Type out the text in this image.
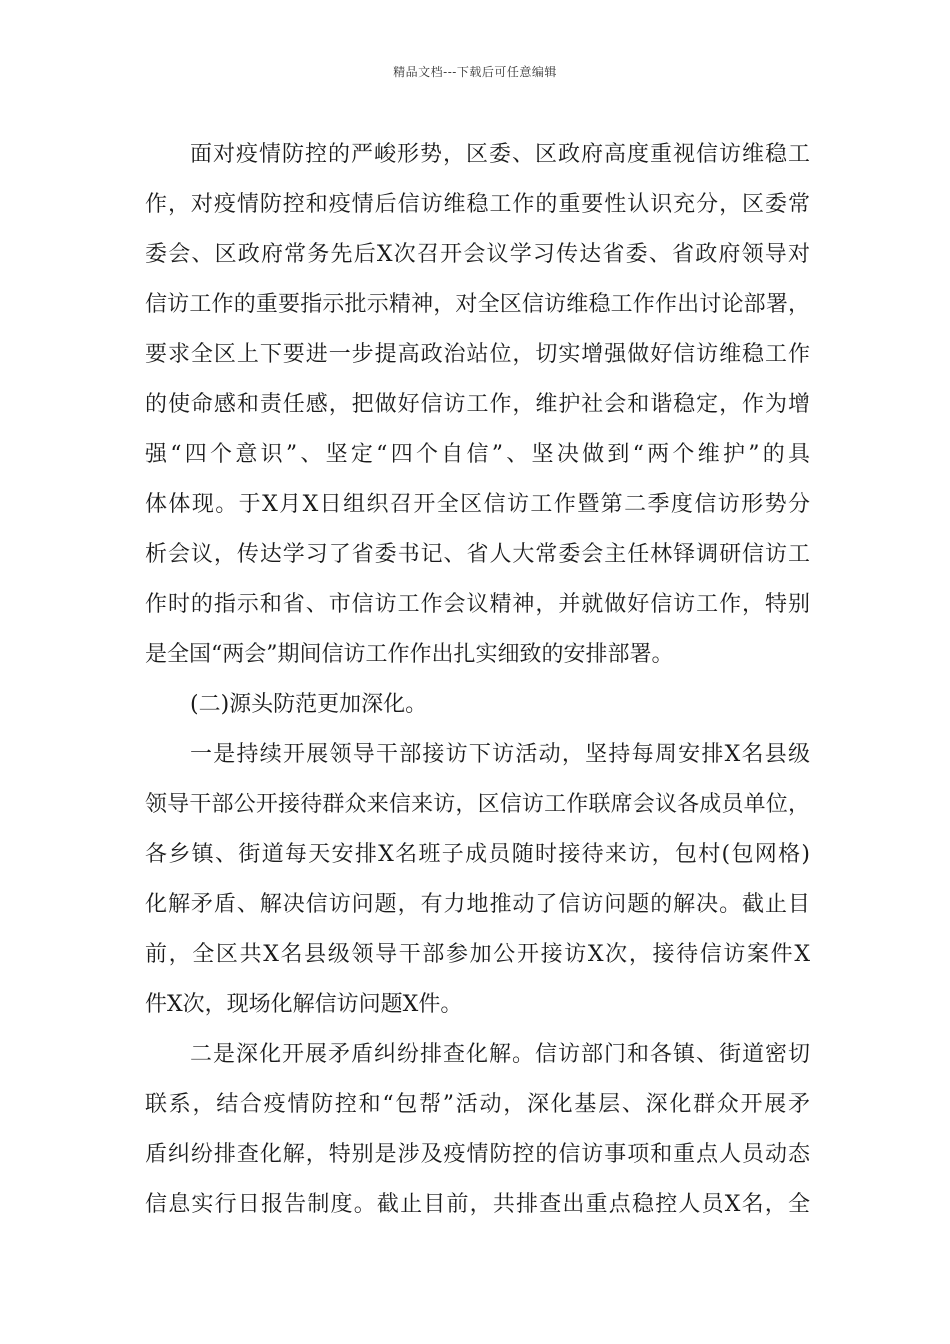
精品文档---下载后可任意编辑
面对疫情防控的严峻形势，区委、区政府高度重视信访维稳工
作，对疫情防控和疫情后信访维稳工作的重要性认识充分，区委常
委会、区政府常务先后X次召开会议学习传达省委、省政府领导对
信访工作的重要指示批示精神，对全区信访维稳工作作出讨论部署，
要求全区上下要进一步提高政治站位，切实增强做好信访维稳工作
的使命感和责任感，把做好信访工作，维护社会和谐稳定，作为增
强“四个意识”、坚定“四个自信”、坚决做到“两个维护”的具
体体现。于X月X日组织召开全区信访工作暨第二季度信访形势分
析会议，传达学习了省委书记、省人大常委会主任林铎调研信访工
作时的指示和省、市信访工作会议精神，并就做好信访工作，特别
是全国“两会”期间信访工作作出扎实细致的安排部署。
(二)源头防范更加深化。
一是持续开展领导干部接访下访活动，坚持每周安排X名县级
领导干部公开接待群众来信来访，区信访工作联席会议各成员单位，
各乡镇、街道每天安排X名班子成员随时接待来访，包村(包网格)
化解矛盾、解决信访问题，有力地推动了信访问题的解决。截止目
前，全区共X名县级领导干部参加公开接访X次，接待信访案件X
件X次，现场化解信访问题X件。
二是深化开展矛盾纠纷排查化解。信访部门和各镇、街道密切
联系，结合疫情防控和“包帮”活动，深化基层、深化群众开展矛
盾纠纷排查化解，特别是涉及疫情防控的信访事项和重点人员动态
信息实行日报告制度。截止目前，共排查出重点稳控人员X名，全
